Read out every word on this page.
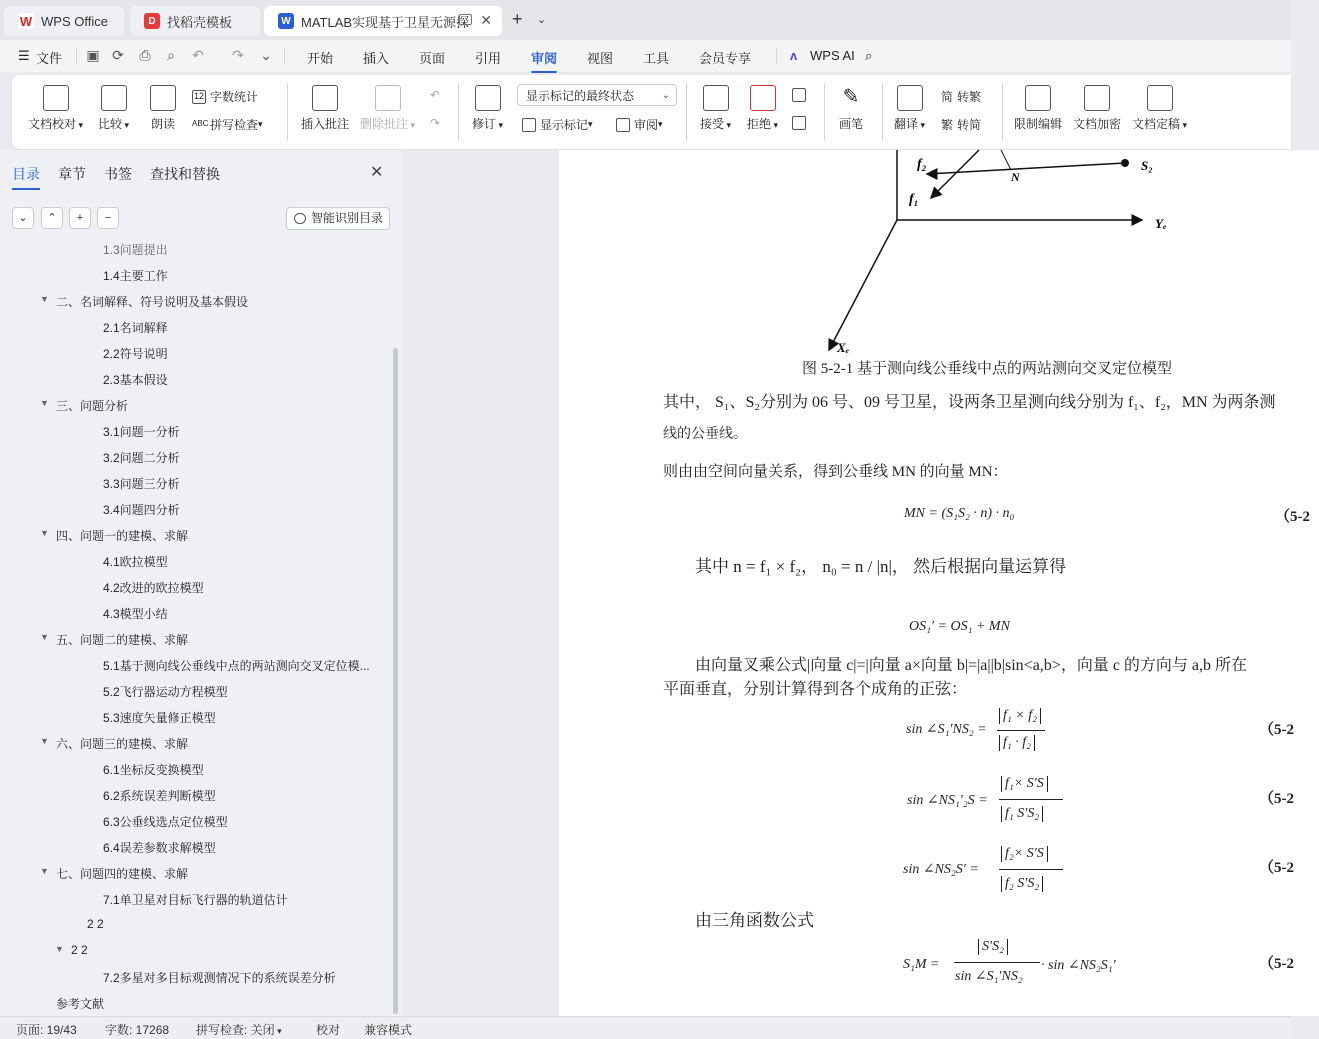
W WPS Office	D 找稻壳模板	W MATLAB实现基于卫星无源探 ✕ + ⌄
☰ 文件 ▣ ⟳ ⎙ ⌕ ↶ ↷ ⌄	开始 插入 页面 引用 审阅 视图 工具 会员专享	ᴧ WPS AI ⌕
文档校对 ▾	比较 ▾	朗读
12 字数统计
ABC 拼写检查
▾	插入批注 删除批注 ▾
↶
↷	修订 ▾
显示标记的最终状态	⌄
显示标记
▾	审阅
▾	接受 ▾	拒绝 ▾
✎
画笔	翻译 ▾
简 转繁
繁 转简	限制编辑 文档加密 文档定稿 ▾
目录 章节 书签 查找和替换	✕
⌄	⌃	+	−	智能识别目录
1.3问题提出
1.4主要工作
▼ 二、名词解释、符号说明及基本假设
2.1名词解释
2.2符号说明
2.3基本假设
▼ 三、问题分析
3.1问题一分析
3.2问题二分析
3.3问题三分析
3.4问题四分析
▼ 四、问题一的建模、求解
4.1欧拉模型
4.2改进的欧拉模型
4.3模型小结
▼ 五、问题二的建模、求解
5.1基于测向线公垂线中点的两站测向交叉定位模...
5.2飞行器运动方程模型
5.3速度矢量修正模型
▼ 六、问题三的建模、求解
6.1坐标反变换模型
6.2系统误差判断模型
6.3公垂线选点定位模型
6.4误差参数求解模型
▼ 七、问题四的建模、求解
7.1单卫星对目标飞行器的轨道估计
2 2
▼ 2 2
7.2多星对多目标观测情况下的系统误差分析
参考文献
f₂
f₁
N
S₂
Yₑ
Xₑ
图 5-2-1 基于测向线公垂线中点的两站测向交叉定位模型
其中， S₁、S₂分别为 06 号、09 号卫星，设两条卫星测向线分别为 f₁、f₂，MN 为两条测
线的公垂线。
则由由空间向量关系，得到公垂线 MN 的向量 MN：
MN = (S₁S₂ · n) · n₀	（5-2
其中 n = f₁ × f₂， n₀ = n / |n|， 然后根据向量运算得
OS₁′ = OS₁ + MN
由向量叉乘公式|向量 c|=|向量 a×向量 b|=|a||b|sin<a,b>，向量 c 的方向与 a,b 所在
平面垂直，分别计算得到各个成角的正弦：
sin ∠S₁′NS₂ =
f₁ × f₂
f₁ · f₂
（5-2
sin ∠NS₁′₂S =
f₁× S′S
f₁ S′S₂
（5-2
sin ∠NS₂S′ =
f₂× S′S
f₂ S′S₂
（5-2
由三角函数公式
S₁M =
S′S₂
sin ∠S₁′NS₂
· sin ∠NS₂S₁′	（5-2
页面: 19/43 字数: 17268 拼写检查: 关闭 ▾	校对 兼容模式
